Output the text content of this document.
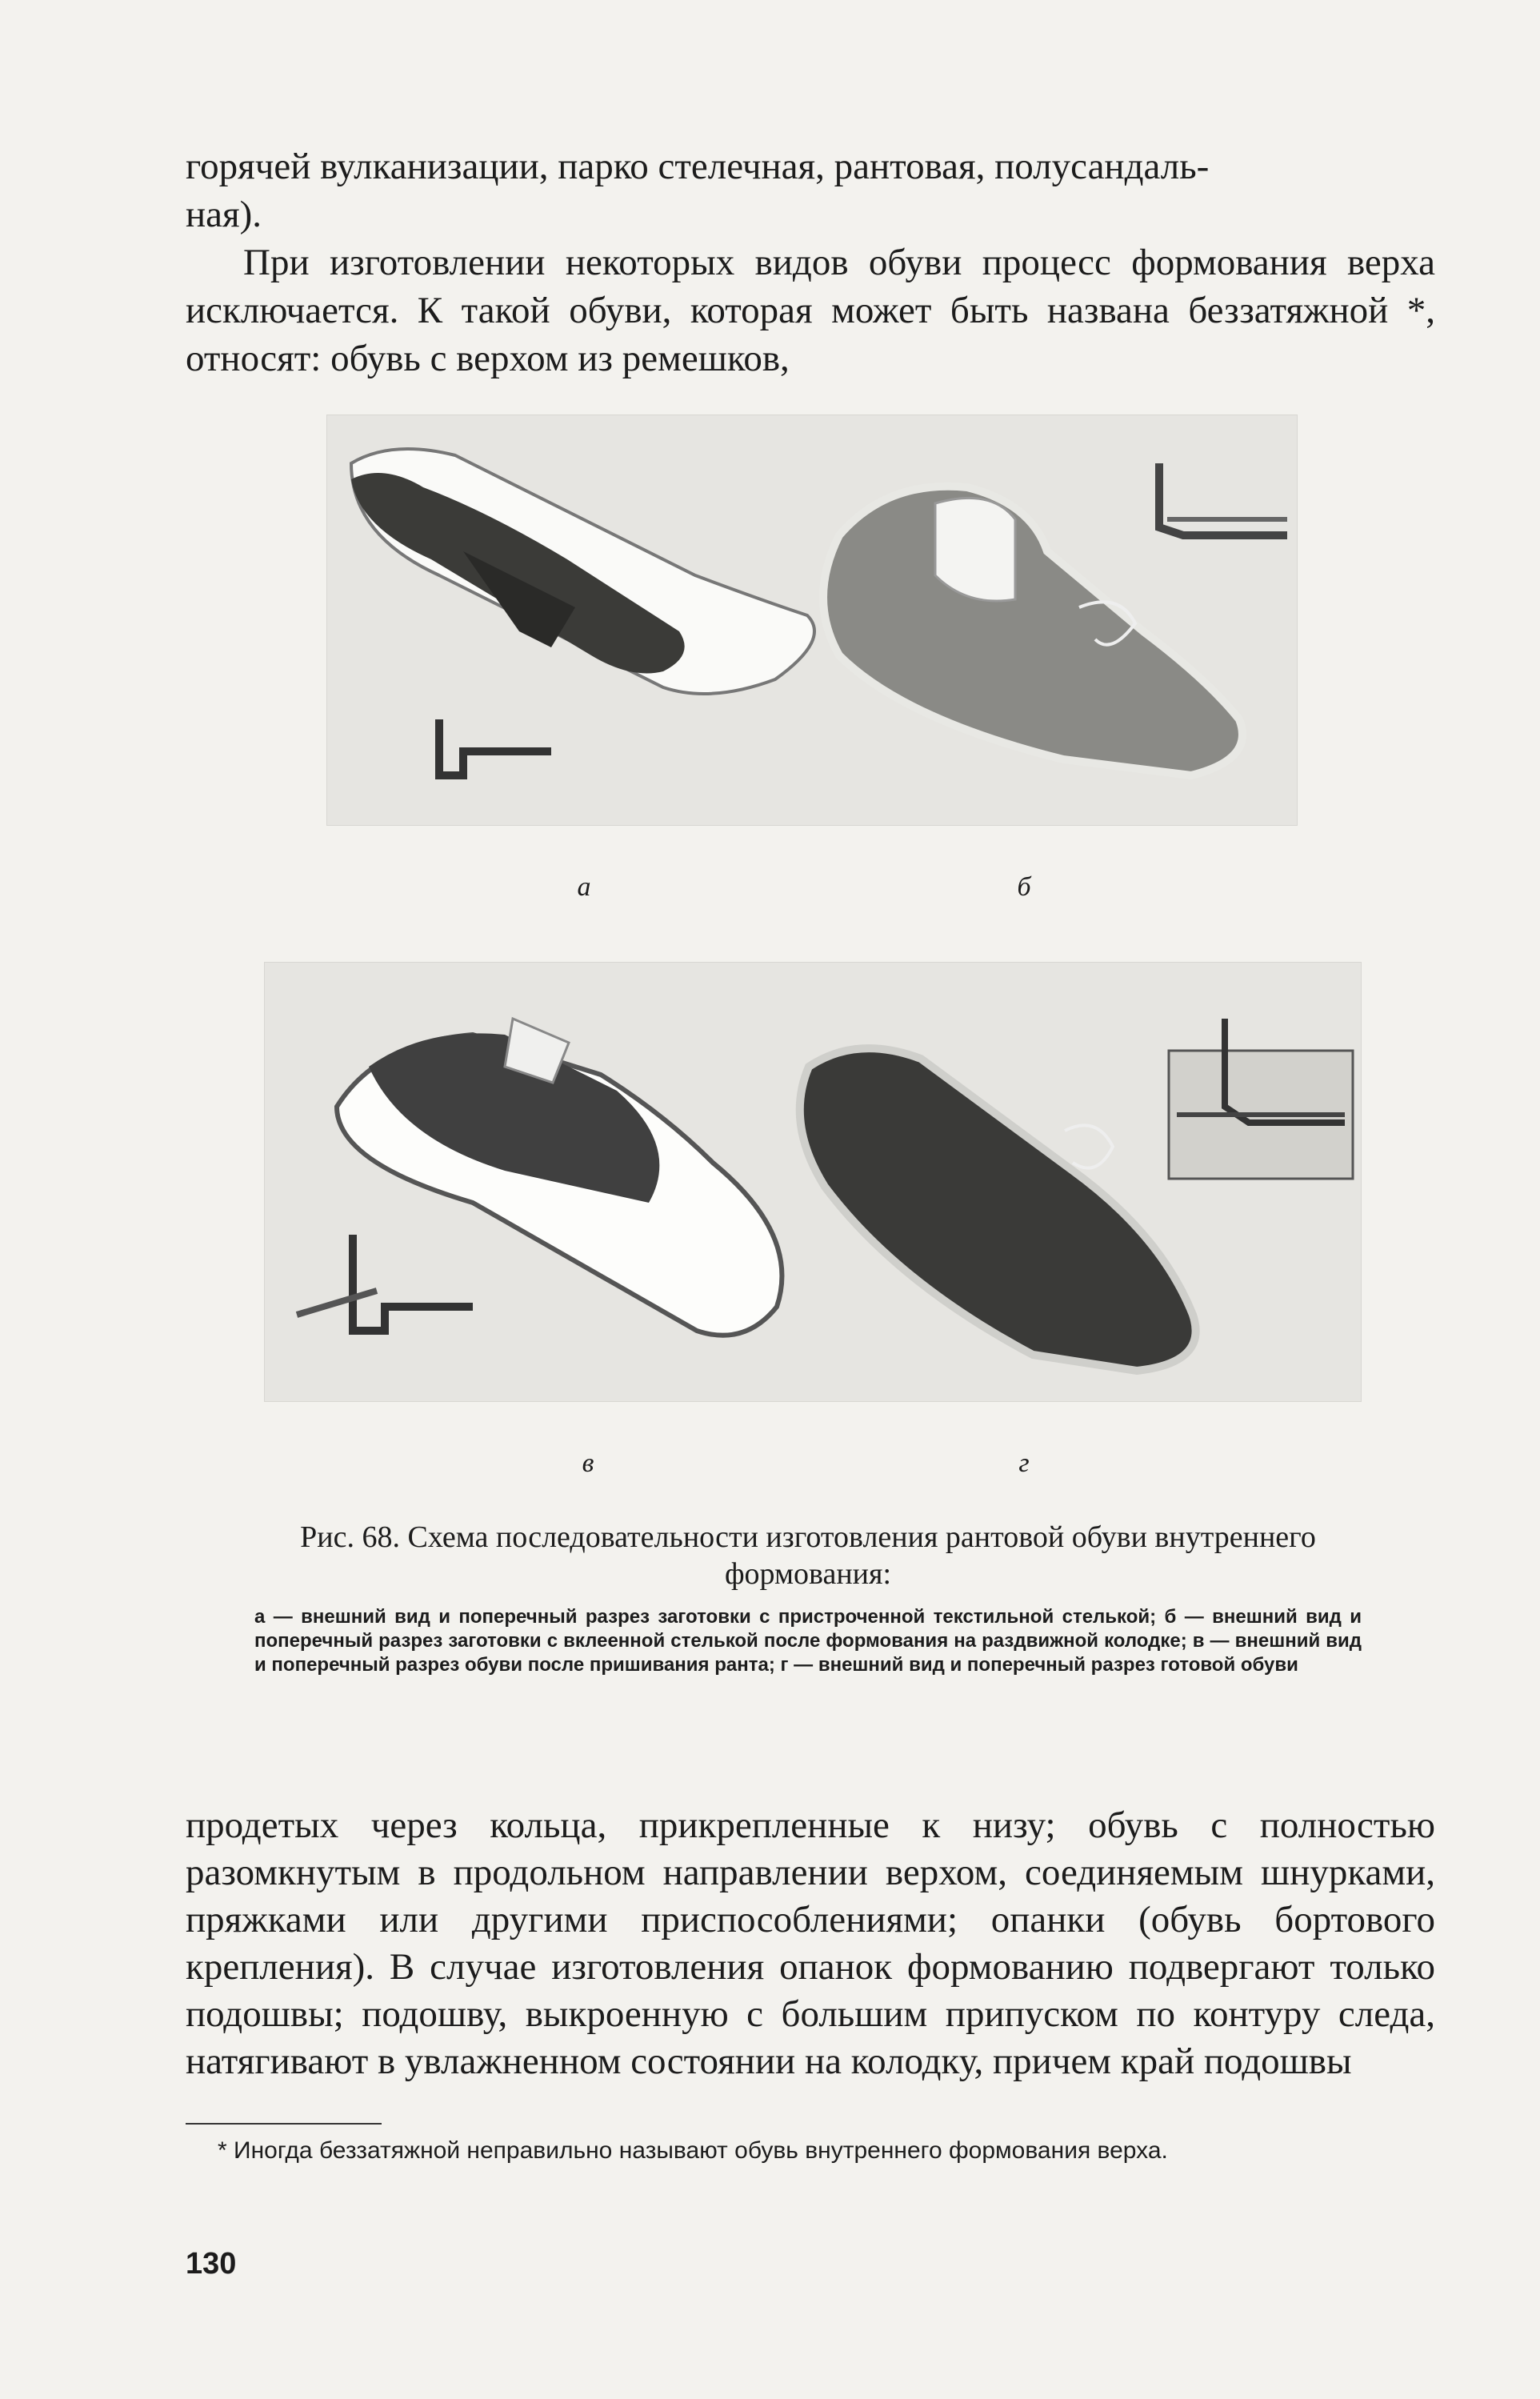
горячей вулканизации, парко стелечная, рантовая, полусандаль-

ная).

При изготовлении некоторых видов обуви процесс формования верха исключается. К такой обуви, которая может быть названа беззатяжной *, относят: обувь с верхом из ремешков,

а	б
в	г
Рис. 68. Схема последовательности изготовления рантовой обуви внутреннего формования:
а — внешний вид и поперечный разрез заготовки с пристроченной текстильной стелькой; б — внешний вид и поперечный разрез заготовки с вклеенной стелькой после формования на раздвижной колодке; в — внешний вид и поперечный разрез обуви после пришивания ранта; г — внешний вид и поперечный разрез готовой обуви

продетых через кольца, прикрепленные к низу; обувь с полностью разомкнутым в продольном направлении верхом, соединяемым шнурками, пряжками или другими приспособлениями; опанки (обувь бортового крепления). В случае изготовления опанок формованию подвергают только подошвы; подошву, выкроенную с большим припуском по контуру следа, натягивают в увлажненном состоянии на колодку, причем край подошвы

* Иногда беззатяжной неправильно называют обувь внутреннего формования верха.

130
